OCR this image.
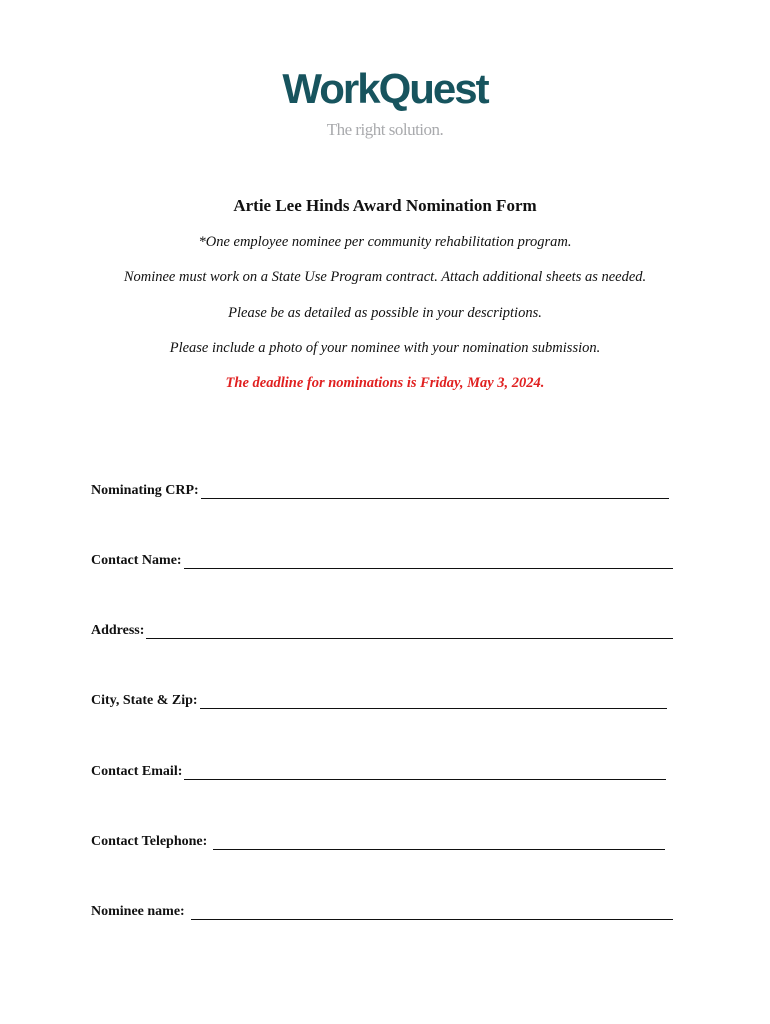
WorkQuest
The right solution.
Artie Lee Hinds Award Nomination Form
*One employee nominee per community rehabilitation program.
Nominee must work on a State Use Program contract. Attach additional sheets as needed.
Please be as detailed as possible in your descriptions.
Please include a photo of your nominee with your nomination submission.
The deadline for nominations is Friday, May 3, 2024.
Nominating CRP:
Contact Name:
Address:
City, State & Zip:
Contact Email:
Contact Telephone:
Nominee name:
